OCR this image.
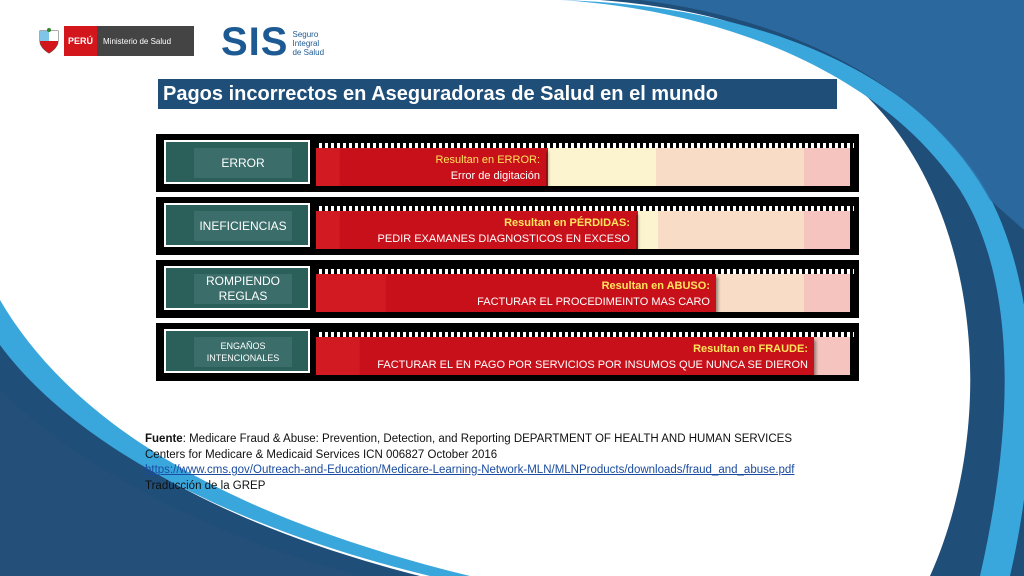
PERÚ	Ministerio de Salud	SIS Seguro
Integral
de Salud
Pagos incorrectos en Aseguradoras de Salud en el mundo
ERROR	Resultan en ERROR:
Error de digitación
INEFICIENCIAS	Resultan en PÉRDIDAS:
PEDIR EXAMANES DIAGNOSTICOS EN EXCESO
ROMPIENDO REGLAS
Resultan en ABUSO:
FACTURAR EL PROCEDIMEINTO MAS CARO
ENGAÑOS INTENCIONALES
Resultan en FRAUDE:
FACTURAR EL EN PAGO POR SERVICIOS POR INSUMOS QUE NUNCA SE DIERON
Fuente: Medicare Fraud & Abuse: Prevention, Detection, and Reporting DEPARTMENT OF HEALTH AND HUMAN SERVICES
Centers for Medicare & Medicaid Services ICN 006827 October 2016
https://www.cms.gov/Outreach-and-Education/Medicare-Learning-Network-MLN/MLNProducts/downloads/fraud_and_abuse.pdf
Traducción de la GREP
